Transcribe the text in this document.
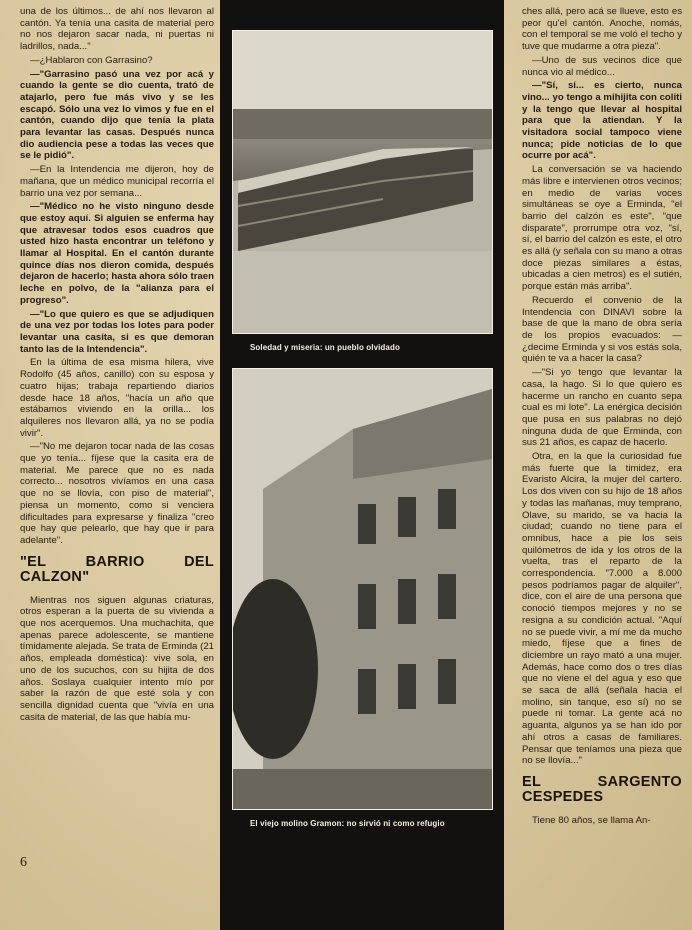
una de los últimos... de ahí nos llevaron al cantón. Ya tenía una casita de material pero no nos dejaron sacar nada, ni puertas ni ladrillos, nada..."

—¿Hablaron con Garrasino?

—"Garrasino pasó una vez por acá y cuando la gente se dio cuenta, trató de atajarlo, pero fue más vivo y se les escapó. Sólo una vez lo vimos y fue en el cantón, cuando dijo que tenía la plata para levantar las casas. Después nunca dio audiencia pese a todas las veces que se le pidió".

—En la Intendencia me dijeron, hoy de mañana, que un médico municipal recorría el barrio una vez por semana...

—"Médico no he visto ninguno desde que estoy aquí. Si alguien se enferma hay que atravesar todos esos cuadros que usted hizo hasta encontrar un teléfono y llamar al Hospital. En el cantón durante quince días nos dieron comida, después dejaron de hacerlo; hasta ahora sólo traen leche en polvo, de la "alianza para el progreso".

—"Lo que quiero es que se adjudiquen de una vez por todas los lotes para poder levantar una casita, si es que demoran tanto las de la Intendencia".

En la última de esa misma hilera, vive Rodolfo (45 años, canillo) con su esposa y cuatro hijas; trabaja repartiendo diarios desde hace 18 años, "hacía un año que estábamos viviendo en la orilla... los alquileres nos llevaron allá, ya no se podía vivir".

—"No me dejaron tocar nada de las cosas que yo tenía... fíjese que la casita era de material. Me parece que no es nada correcto... nosotros vivíamos en una casa que no se llovía, con piso de material", piensa un momento, como si venciera dificultades para expresarse y finaliza "creo que hay que pelearlo, que hay que ir para adelante".

"EL BARRIO DEL CALZON"

Mientras nos siguen algunas criaturas, otros esperan a la puerta de su vivienda a que nos acerquemos. Una muchachita, que apenas parece adolescente, se mantiene tímidamente alejada. Se trata de Erminda (21 años, empleada doméstica): vive sola, en uno de los sucuchos, con su hijita de dos años. Soslaya cualquier intento mío por saber la razón de que esté sola y con sencilla dignidad cuenta que "vivía en una casita de material, de las que había mu-

Soledad y miseria: un pueblo olvidado
El viejo molino Gramon: no sirvió ni como refugio

ches allá, pero acá se llueve, esto es peor qu'el cantón. Anoche, nomás, con el temporal se me voló el techo y tuve que mudarme a otra pieza".

—Uno de sus vecinos dice que nunca vio al médico...

—"Sí, sí... es cierto, nunca vino... yo tengo a mihijita con coliti y la tengo que llevar al hospital para que la atiendan. Y la visitadora social tampoco viene nunca; pide noticias de lo que ocurre por acá".

La conversación se va haciendo más libre e intervienen otros vecinos; en medio de varias voces simultáneas se oye a Erminda, "el barrio del calzón es este", "que disparate", prorrumpe otra voz, "sí, sí, el barrio del calzón es este, el otro es allá (y señala con su mano a otras doce piezas similares a éstas, ubicadas a cien metros) es el sutién, porque están más arriba".

Recuerdo el convenio de la Intendencia con DINAVI sobre la base de que la mano de obra sería de los propios evacuados: —¿decime Erminda y si vos estás sola, quién te va a hacer la casa?

—"Si yo tengo que levantar la casa, la hago. Si lo que quiero es hacerme un rancho en cuanto sepa cual es mi lote". La enérgica decisión que pusa en sus palabras no dejó ninguna duda de que Erminda, con sus 21 años, es capaz de hacerlo.

Otra, en la que la curiosidad fue más fuerte que la timidez, era Evaristo Alcira, la mujer del cartero. Los dos viven con su hijo de 18 años y todas las mañanas, muy temprano, Olave, su marido, se va hacia la ciudad; cuando no tiene para el omnibus, hace a pie los seis quilómetros de ida y los otros de la vuelta, tras el reparto de la correspondencia. "7.000 a 8.000 pesos podríamos pagar de alquiler", dice, con el aire de una persona que conoció tiempos mejores y no se resigna a su condición actual. "Aquí no se puede vivir, a mí me da mucho miedo, fíjese que a fines de diciembre un rayo mató a una mujer. Además, hace como dos o tres días que no viene el del agua y eso que se saca de allá (señala hacia el molino, sin tanque, eso sí) no se puede ni tomar. La gente acá no aguanta, algunos ya se han ido por ahí otros a casas de familiares. Pensar que teníamos una pieza que no se llovía..."

EL SARGENTO CESPEDES

Tiene 80 años, se llama An-

6
